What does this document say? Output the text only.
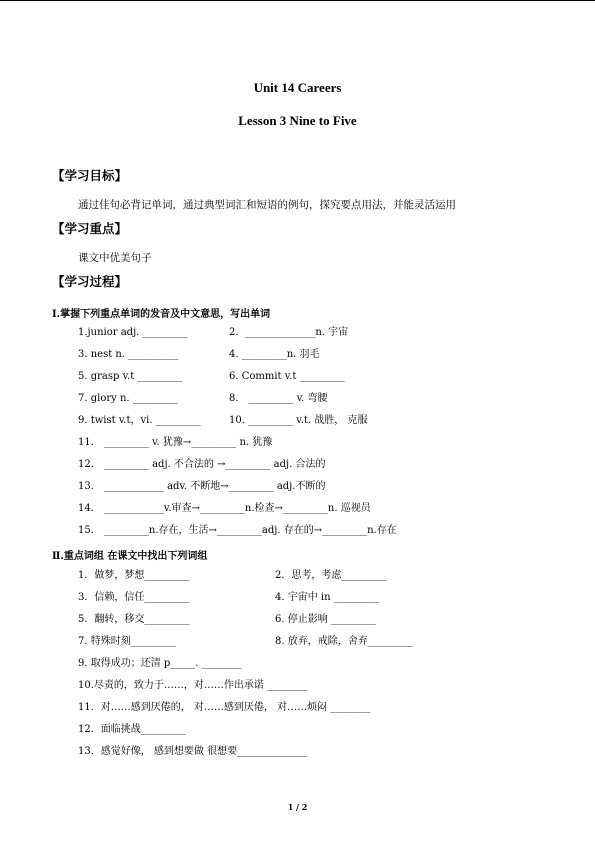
Unit 14 Careers
Lesson 3 Nine to Five
【学习目标】
通过佳句必背记单词，通过典型词汇和短语的例句，探究要点用法，并能灵活运用
【学习重点】
课文中优美句子
【学习过程】
Ⅰ.掌握下列重点单词的发音及中文意思，写出单词
1.junior adj. _________	2．______________n. 宇宙
3. nest n. __________	4. _________n. 羽毛
5. grasp v.t _________	6. Commit v.t _________
7. glory n. _________	8． _________ v. 弯腰
9. twist v.t，vi. _________	10. _________ v.t. 战胜， 克服
11． _________ v. 犹豫→_________ n. 犹豫
12． _________ adj. 不合法的 →_________ adj. 合法的
13． ____________ adv. 不断地→_________ adj.不断的
14． ____________v.审查→_________n.检查→_________n. 巡视员
15． _________n.存在，生活→_________adj. 存在的→_________n.存在
Ⅱ.重点词组 在课文中找出下列词组
1．做梦，梦想_________	2．思考，考虑_________
3．信赖，信任_________	4. 宇宙中 in _________
5．翻转，移交_________	6. 停止影响 _________
7. 特殊时刻_________	8. 放弃，戒除，舍弃_________
9. 取得成功；还清 p_____. ________
10.尽责的，致力于……，对……作出承诺 ________
11．对……感到厌倦的， 对……感到厌倦， 对……烦闷 ________
12．面临挑战_________
13．感觉好像， 感到想要做 很想要______________
1 / 2
